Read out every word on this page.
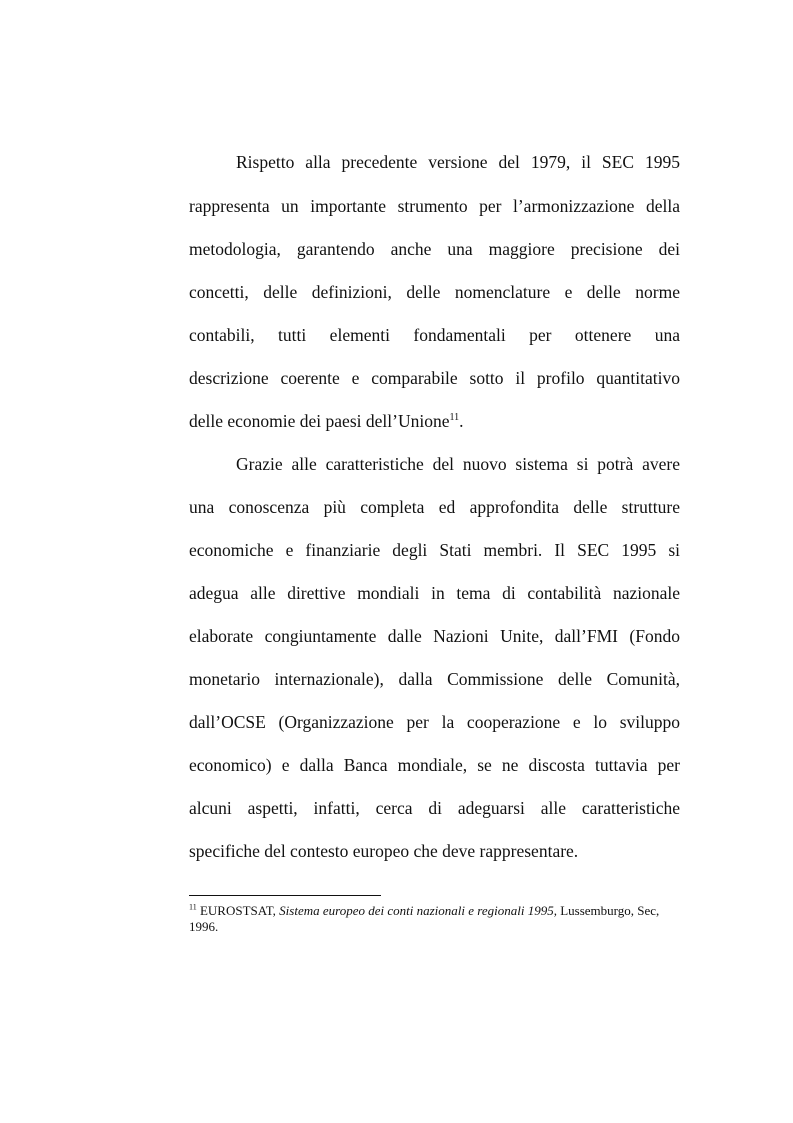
Rispetto alla precedente versione del 1979, il SEC 1995
rappresenta un importante strumento per l’armonizzazione della
metodologia, garantendo anche una maggiore precisione dei
concetti, delle definizioni, delle nomenclature e delle norme
contabili, tutti elementi fondamentali per ottenere una
descrizione coerente e comparabile sotto il profilo quantitativo
delle economie dei paesi dell’Unione$^{11}$.
Grazie alle caratteristiche del nuovo sistema si potrà avere
una conoscenza più completa ed approfondita delle strutture
economiche e finanziarie degli Stati membri. Il SEC 1995 si
adegua alle direttive mondiali in tema di contabilità nazionale
elaborate congiuntamente dalle Nazioni Unite, dall’FMI (Fondo
monetario internazionale), dalla Commissione delle Comunità,
dall’OCSE (Organizzazione per la cooperazione e lo sviluppo
economico) e dalla Banca mondiale, se ne discosta tuttavia per
alcuni aspetti, infatti, cerca di adeguarsi alle caratteristiche
specifiche del contesto europeo che deve rappresentare.
$^{11}$ EUROSTSAT, Sistema europeo dei conti nazionali e regionali 1995, Lussemburgo, Sec,
1996.
